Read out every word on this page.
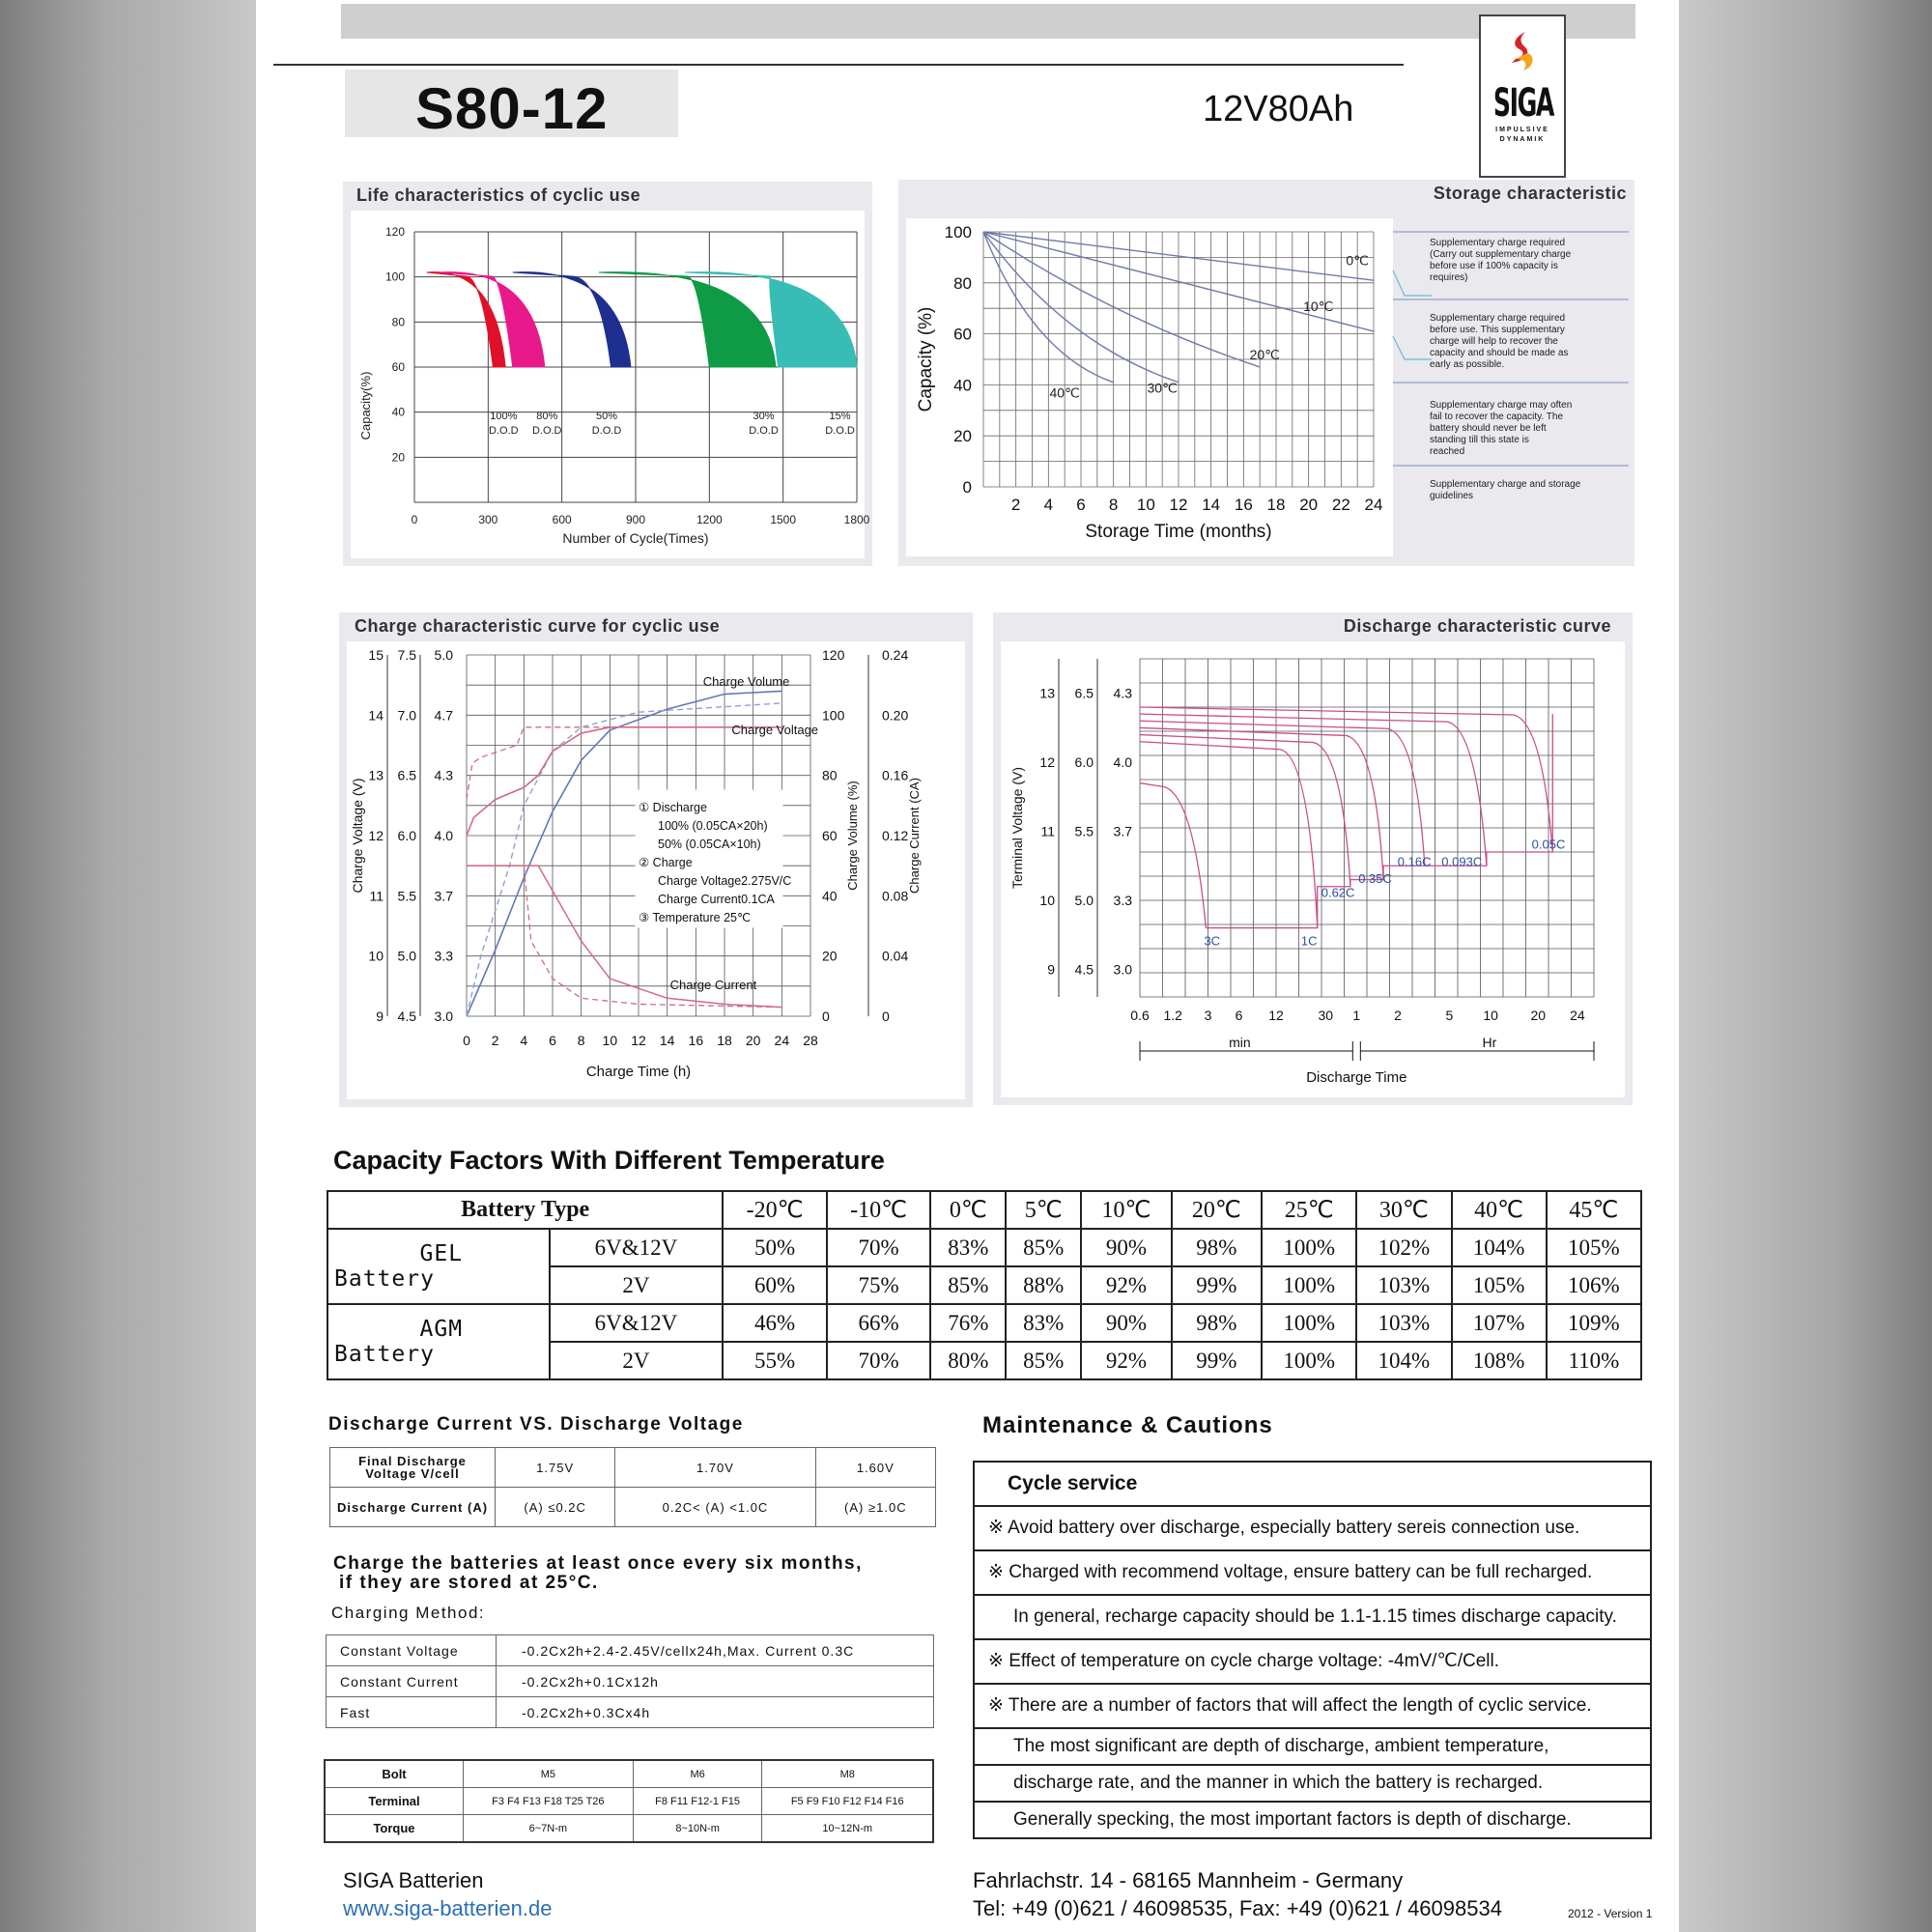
S80-12	12V80Ah	SIGA
IMPULSIVE DYNAMIK
Life characteristics of cyclic use
0	300	600	900	1200	1500	1800
20
40
60
80
100
120
Number of Cycle(Times)
Capacity(%)	100%
D.O.D
80%
D.O.D
50%
D.O.D
30%
D.O.D
15%
D.O.D
Storage characteristic
2 4 6 8 10 12 14 16 18 20 22 24
0
20
40
60
80
100
Storage Time (months)
Capacity (%)
0℃
10℃
20℃
30℃
40℃
Supplementary charge required (Carry out supplementary charge before use if 100% capacity is requires)
Supplementary charge required before use. This supplementary charge will help to recover the capacity and should be made as early as possible.
Supplementary charge may often fail to recover the capacity. The battery should never be left standing till this state is reached
Supplementary charge and storage guidelines
Charge characteristic curve for cyclic use
0 2 4 6 8 10 12 14 16 18 20 24 28
9 4.5 3.0	0	0
10 5.0 3.3	20	0.04
11 5.5 3.7	40	0.08
12 6.0 4.0	60	0.12
13 6.5 4.3	80	0.16
14 7.0 4.7	100	0.20
15 7.5 5.0	120	0.24
Charge Time (h)
Charge Voltage (V)	Charge Volume (%)	Charge Current (CA)
Charge Volume
Charge Voltage
Charge Current
① Discharge
100% (0.05CA×20h)
50% (0.05CA×10h)
② Charge
Charge Voltage2.275V/C
Charge Current0.1CA
③ Temperature 25℃
Discharge characteristic curve
9 4.5 3.0
10 5.0 3.3
11 5.5 3.7
12 6.0 4.0
13 6.5 4.3
0.6 1.2 3 6 12	30 1 2	5 10 20 24
min	Hr
Discharge Time
Terminal Voltage (V)
3C	1C
0.62C
0.35C
0.16C 0.093C
0.05C
Capacity Factors With Different Temperature
Battery Type		-20℃	-10℃	0℃	5℃	10℃	20℃	25℃	30℃	40℃	45℃

GEL
Battery	6V&12V	50%	70%	83%	85%	90%	98%	100%	102%	104%	105%
	2V	60%	75%	85%	88%	92%	99%	100%	103%	105%	106%

AGM
Battery	6V&12V	46%	66%	76%	83%	90%	98%	100%	103%	107%	109%
	2V	55%	70%	80%	85%	92%	99%	100%	104%	108%	110%
Discharge Current VS. Discharge Voltage
Final Discharge Voltage V/cell	1.75V	1.70V	1.60V
Discharge Current (A)	(A) ≤0.2C	0.2C< (A) <1.0C	(A) ≥1.0C
Charge the batteries at least once every six months,
if they are stored at 25°C.
Charging Method:
Constant Voltage	-0.2Cx2h+2.4-2.45V/cellx24h,Max. Current 0.3C
Constant Current	-0.2Cx2h+0.1Cx12h
Fast	-0.2Cx2h+0.3Cx4h
Bolt	M5	M6	M8
Terminal	F3 F4 F13 F18 T25 T26	F8 F11 F12-1 F15	F5 F9 F10 F12 F14 F16
Torque	6~7N-m	8~10N-m	10~12N-m
Maintenance & Cautions
Cycle service
※ Avoid battery over discharge, especially battery sereis connection use.
※ Charged with recommend voltage, ensure battery can be full recharged.
In general, recharge capacity should be 1.1-1.15 times discharge capacity.
※ Effect of temperature on cycle charge voltage: -4mV/℃/Cell.
※ There are a number of factors that will affect the length of cyclic service.
The most significant are depth of discharge, ambient temperature,
discharge rate, and the manner in which the battery is recharged.
Generally specking, the most important factors is depth of discharge.
SIGA Batterien
www.siga-batterien.de
Fahrlachstr. 14 - 68165 Mannheim - Germany
Tel: +49 (0)621 / 46098535, Fax: +49 (0)621 / 46098534	2012 - Version 1
